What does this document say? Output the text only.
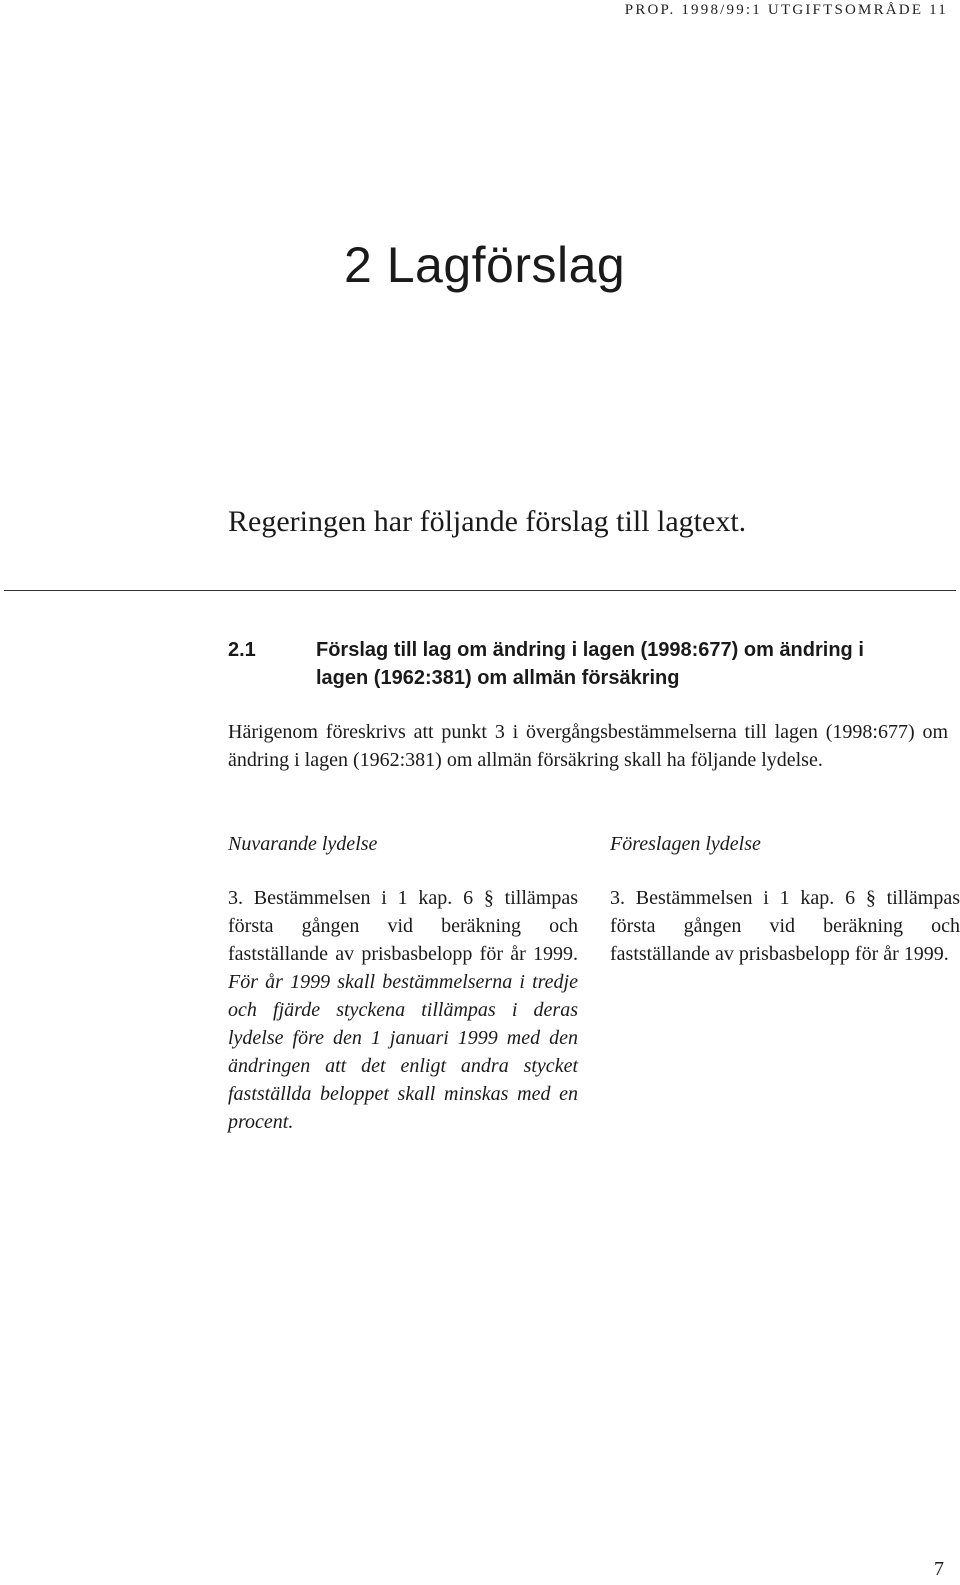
PROP. 1998/99:1 UTGIFTSOMRÅDE 11
2 Lagförslag

Regeringen har följande förslag till lagtext.

2.1	Förslag till lag om ändring i lagen (1998:677) om ändring i lagen (1962:381) om allmän försäkring

Härigenom föreskrivs att punkt 3 i övergångsbestämmelserna till lagen (1998:677) om ändring i lagen (1962:381) om allmän försäkring skall ha följande lydelse.

Nuvarande lydelse

3. Bestämmelsen i 1 kap. 6 § tillämpas första gången vid beräkning och fastställande av prisbasbelopp för år 1999. För år 1999 skall bestämmelserna i tredje och fjärde styckena tillämpas i deras lydelse före den 1 januari 1999 med den ändringen att det enligt andra stycket fastställda beloppet skall minskas med en procent.

Föreslagen lydelse

3. Bestämmelsen i 1 kap. 6 § tillämpas första gången vid beräkning och fastställande av prisbasbelopp för år 1999.

7
